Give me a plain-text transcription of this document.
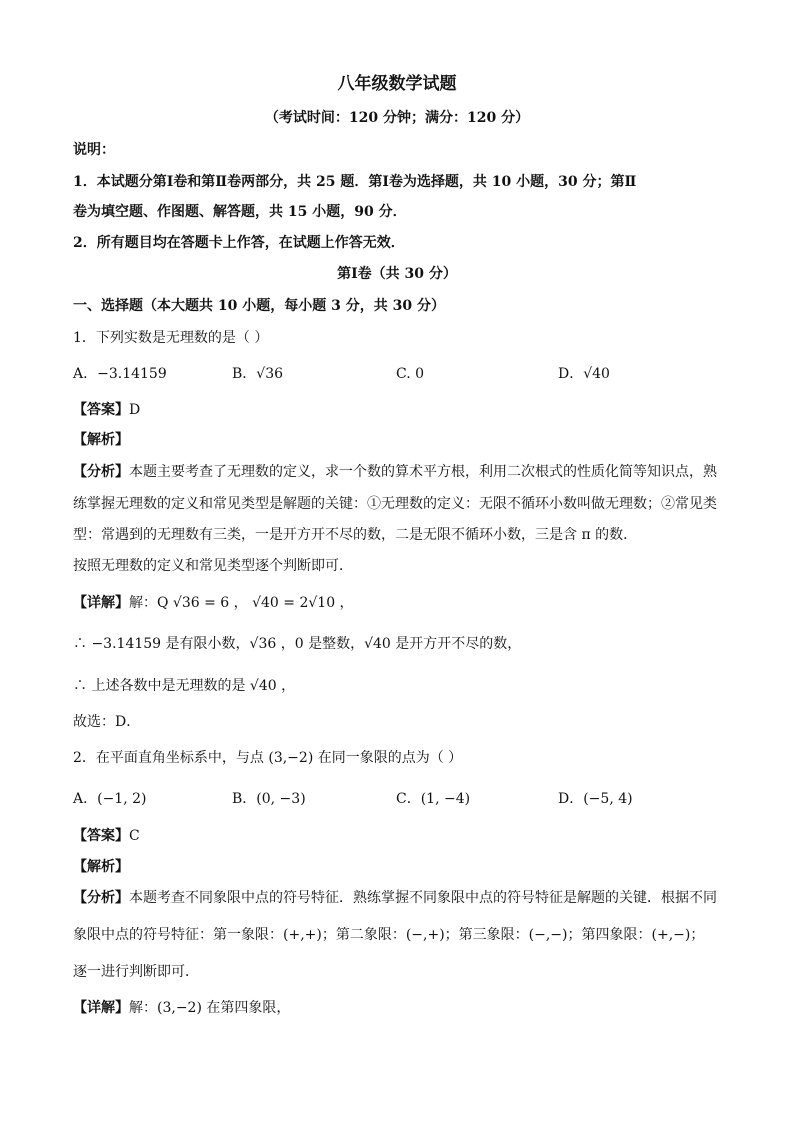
八年级数学试题
（考试时间：120 分钟；满分：120 分）
说明：
1．本试题分第Ⅰ卷和第Ⅱ卷两部分，共 25 题．第Ⅰ卷为选择题，共 10 小题，30 分；第Ⅱ
卷为填空题、作图题、解答题，共 15 小题，90 分．
2．所有题目均在答题卡上作答，在试题上作答无效．
第Ⅰ卷（共 30 分）
一、选择题（本大题共 10 小题，每小题 3 分，共 30 分）
1．下列实数是无理数的是（ ）
A．−3.14159	B．√36	C. 0	D．√40
【答案】D
【解析】
【分析】本题主要考查了无理数的定义，求一个数的算术平方根，利用二次根式的性质化简等知识点，熟
练掌握无理数的定义和常见类型是解题的关键：①无理数的定义：无限不循环小数叫做无理数；②常见类
型：常遇到的无理数有三类，一是开方开不尽的数，二是无限不循环小数，三是含 π 的数．
按照无理数的定义和常见类型逐个判断即可．
【详解】解：Q √36 = 6 ， √40 = 2√10 ，
∴ −3.14159 是有限小数，√36 ，0 是整数，√40 是开方开不尽的数，
∴ 上述各数中是无理数的是 √40 ，
故选：D．
2．在平面直角坐标系中，与点 (3,−2) 在同一象限的点为（ ）
A．(−1, 2)	B．(0, −3)	C．(1, −4)	D．(−5, 4)
【答案】C
【解析】
【分析】本题考查不同象限中点的符号特征．熟练掌握不同象限中点的符号特征是解题的关键．根据不同
象限中点的符号特征：第一象限：(+,+)；第二象限：(−,+)；第三象限：(−,−)；第四象限：(+,−)；
逐一进行判断即可．
【详解】解：(3,−2) 在第四象限，
